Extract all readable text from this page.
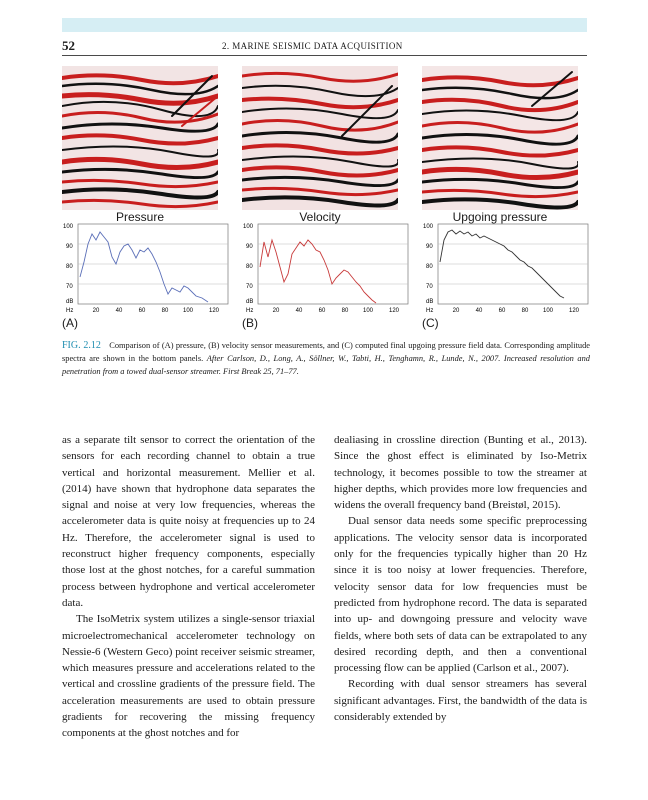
52	2. MARINE SEISMIC DATA ACQUISITION
Pressure	Velocity	Upgoing pressure
100
90
80
70
dB
Hz	20	40	60	80 100	120
(A)
100
90
80
70
dB
Hz	20	40	60	80 100	120
(B)
100
90
80
70
dB
Hz	20	40	60	80 100	120
(C)
FIG. 2.12 Comparison of (A) pressure, (B) velocity sensor measurements, and (C) computed final upgoing pressure field data. Corresponding amplitude spectra are shown in the bottom panels. After Carlson, D., Long, A., Söllner, W., Tabti, H., Tenghamn, R., Lunde, N., 2007. Increased resolution and penetration from a towed dual-sensor streamer. First Break 25, 71–77.

as a separate tilt sensor to correct the orientation of the sensors for each recording channel to obtain a true vertical and horizontal measurement. Mellier et al. (2014) have shown that hydrophone data separates the signal and noise at very low frequencies, whereas the accelerometer data is quite noisy at frequencies up to 24 Hz. Therefore, the accelerometer signal is used to reconstruct higher frequency components, especially those lost at the ghost notches, for a careful summation process between hydrophone and vertical accelerometer data.

The IsoMetrix system utilizes a single-sensor triaxial microelectromechanical accelerometer technology on Nessie-6 (Western Geco) point receiver seismic streamer, which measures pressure and accelerations related to the vertical and crossline gradients of the pressure field. The acceleration measurements are used to obtain pressure gradients for recovering the missing frequency components at the ghost notches and for

dealiasing in crossline direction (Bunting et al., 2013). Since the ghost effect is eliminated by Iso-Metrix technology, it becomes possible to tow the streamer at higher depths, which provides more low frequencies and widens the overall frequency band (Breistøl, 2015).

Dual sensor data needs some specific preprocessing applications. The velocity sensor data is incorporated only for the frequencies typically higher than 20 Hz since it is too noisy at lower frequencies. Therefore, velocity sensor data for low frequencies must be predicted from hydrophone record. The data is separated into up- and downgoing pressure and velocity wave fields, where both sets of data can be extrapolated to any desired recording depth, and then a conventional processing flow can be applied (Carlson et al., 2007).

Recording with dual sensor streamers has several significant advantages. First, the bandwidth of the data is considerably extended by
